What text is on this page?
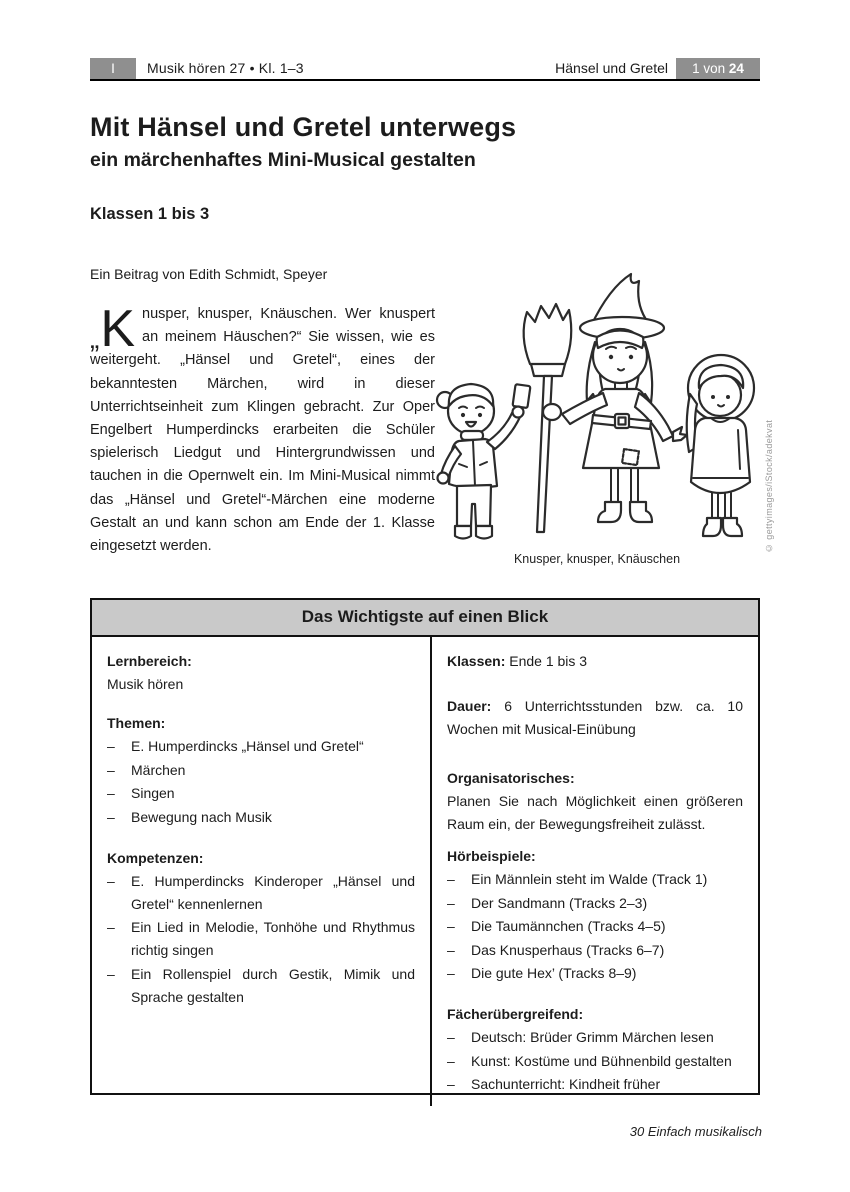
I	Musik hören 27 • Kl. 1–3	Hänsel und Gretel	1 von 24
Mit Hänsel und Gretel unterwegs
ein märchenhaftes Mini-Musical gestalten
Klassen 1 bis 3
Ein Beitrag von Edith Schmidt, Speyer

„ K nusper, knusper, Knäuschen. Wer knuspert an meinem Häuschen?“ Sie wissen, wie es weitergeht. „Hänsel und Gretel“, eines der bekanntesten Märchen, wird in dieser Unterrichtseinheit zum Klingen gebracht. Zur Oper Engelbert Humperdincks erarbeiten die Schüler spielerisch Liedgut und Hintergrundwissen und tauchen in die Opernwelt ein. Im Mini-Musical nimmt das „Hänsel und Gretel“-Märchen eine moderne Gestalt an und kann schon am Ende der 1. Klasse eingesetzt werden.

Knusper, knusper, Knäuschen
© gettyimages/iStock/adekvat
Das Wichtigste auf einen Blick
Lernbereich:
Musik hören
Themen:
–	E. Humperdincks „Hänsel und Gretel“
–	Märchen
–	Singen
–	Bewegung nach Musik
Kompetenzen:
–	E. Humperdincks Kinderoper „Hänsel und Gretel“ kennenlernen
–	Ein Lied in Melodie, Tonhöhe und Rhythmus richtig singen
–	Ein Rollenspiel durch Gestik, Mimik und Sprache gestalten
Klassen: Ende 1 bis 3
Dauer: 6 Unterrichtsstunden bzw. ca. 10 Wochen mit Musical-Einübung
Organisatorisches:
Planen Sie nach Möglichkeit einen größeren Raum ein, der Bewegungsfreiheit zulässt.
Hörbeispiele:
–	Ein Männlein steht im Walde (Track 1)
–	Der Sandmann (Tracks 2–3)
–	Die Taumännchen (Tracks 4–5)
–	Das Knusperhaus (Tracks 6–7)
–	Die gute Hex’ (Tracks 8–9)
Fächerübergreifend:
–	Deutsch: Brüder Grimm Märchen lesen
–	Kunst: Kostüme und Bühnenbild gestalten
–	Sachunterricht: Kindheit früher
30 Einfach musikalisch
